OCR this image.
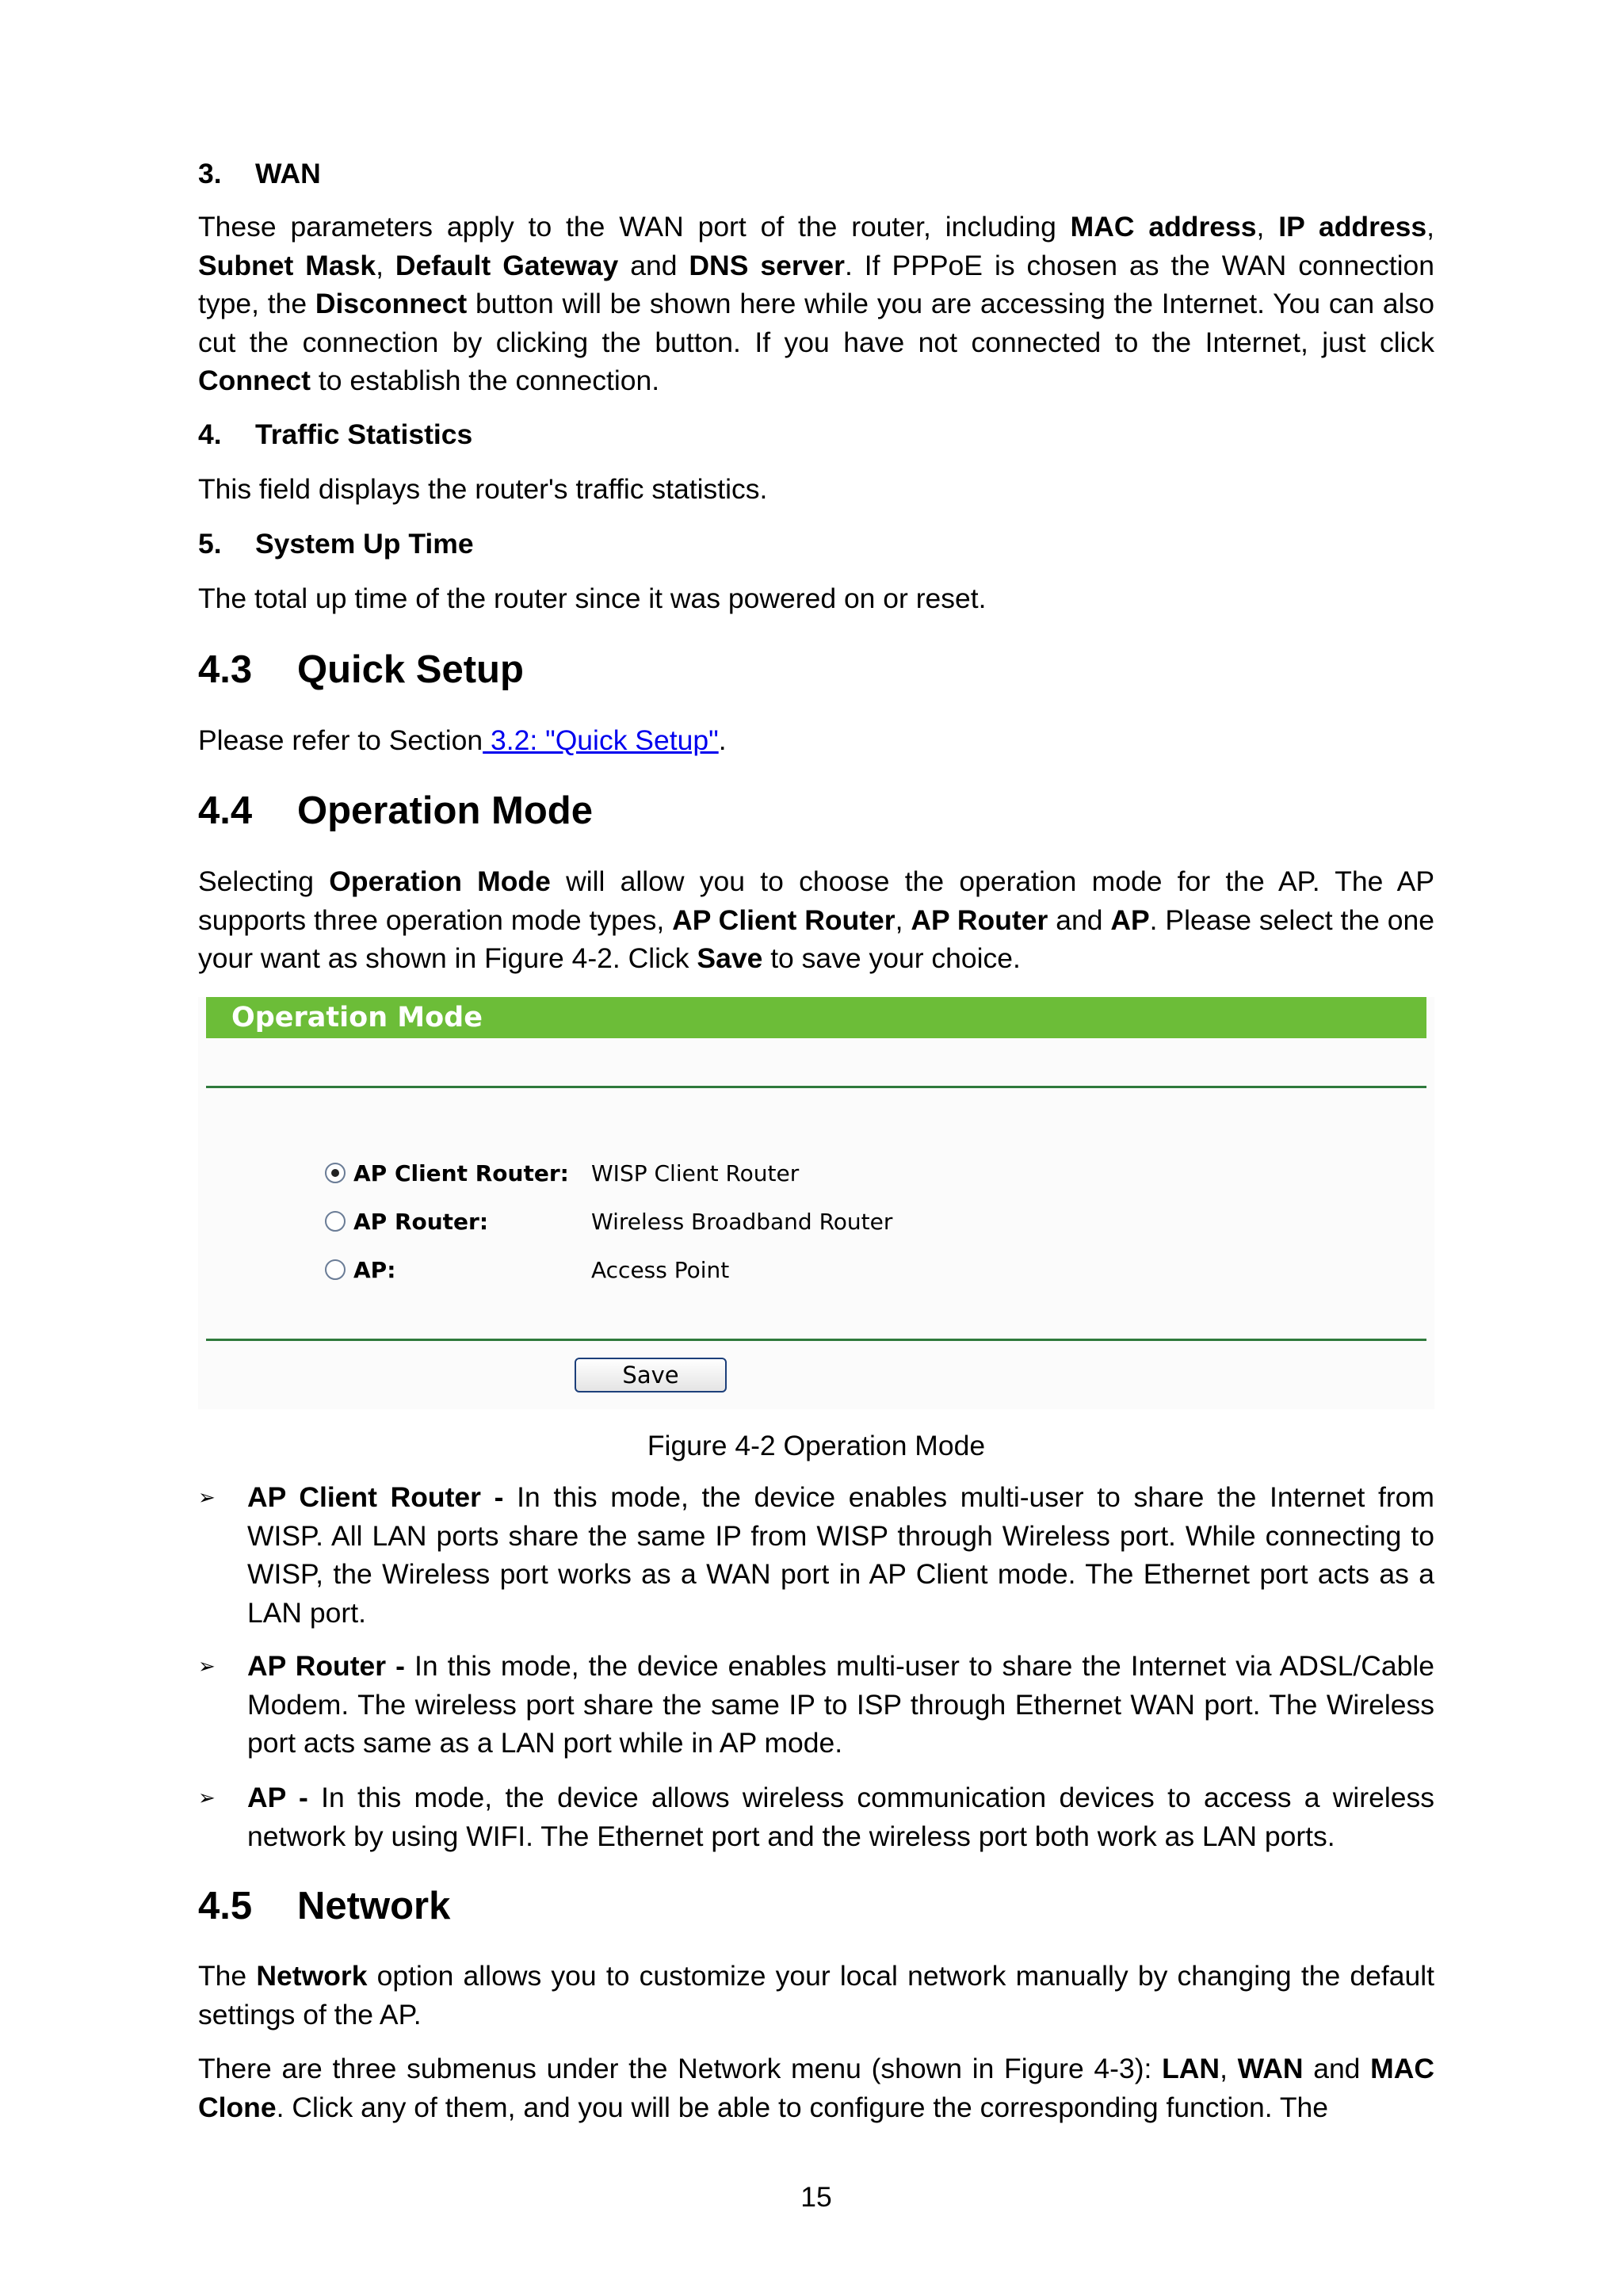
3.	WAN

These parameters apply to the WAN port of the router, including MAC address, IP address, Subnet Mask, Default Gateway and DNS server. If PPPoE is chosen as the WAN connection type, the Disconnect button will be shown here while you are accessing the Internet. You can also cut the connection by clicking the button. If you have not connected to the Internet, just click Connect to establish the connection.

4.	Traffic Statistics

This field displays the router's traffic statistics.

5.	System Up Time

The total up time of the router since it was powered on or reset.

4.3	Quick Setup

Please refer to Section 3.2: "Quick Setup".

4.4	Operation Mode

Selecting Operation Mode will allow you to choose the operation mode for the AP. The AP supports three operation mode types, AP Client Router, AP Router and AP. Please select the one your want as shown in Figure 4-2. Click Save to save your choice.

Operation Mode
AP Client Router: WISP Client Router
AP Router:	Wireless Broadband Router
AP:	Access Point
Save
Figure 4-2 Operation Mode
➢ AP Client Router - In this mode, the device enables multi-user to share the Internet from WISP. All LAN ports share the same IP from WISP through Wireless port. While connecting to WISP, the Wireless port works as a WAN port in AP Client mode. The Ethernet port acts as a LAN port.

➢ AP Router - In this mode, the device enables multi-user to share the Internet via ADSL/Cable Modem. The wireless port share the same IP to ISP through Ethernet WAN port. The Wireless port acts same as a LAN port while in AP mode.

➢ AP - In this mode, the device allows wireless communication devices to access a wireless network by using WIFI. The Ethernet port and the wireless port both work as LAN ports.

4.5	Network

The Network option allows you to customize your local network manually by changing the default settings of the AP.

There are three submenus under the Network menu (shown in Figure 4-3): LAN, WAN and MAC Clone. Click any of them, and you will be able to configure the corresponding function. The

15
